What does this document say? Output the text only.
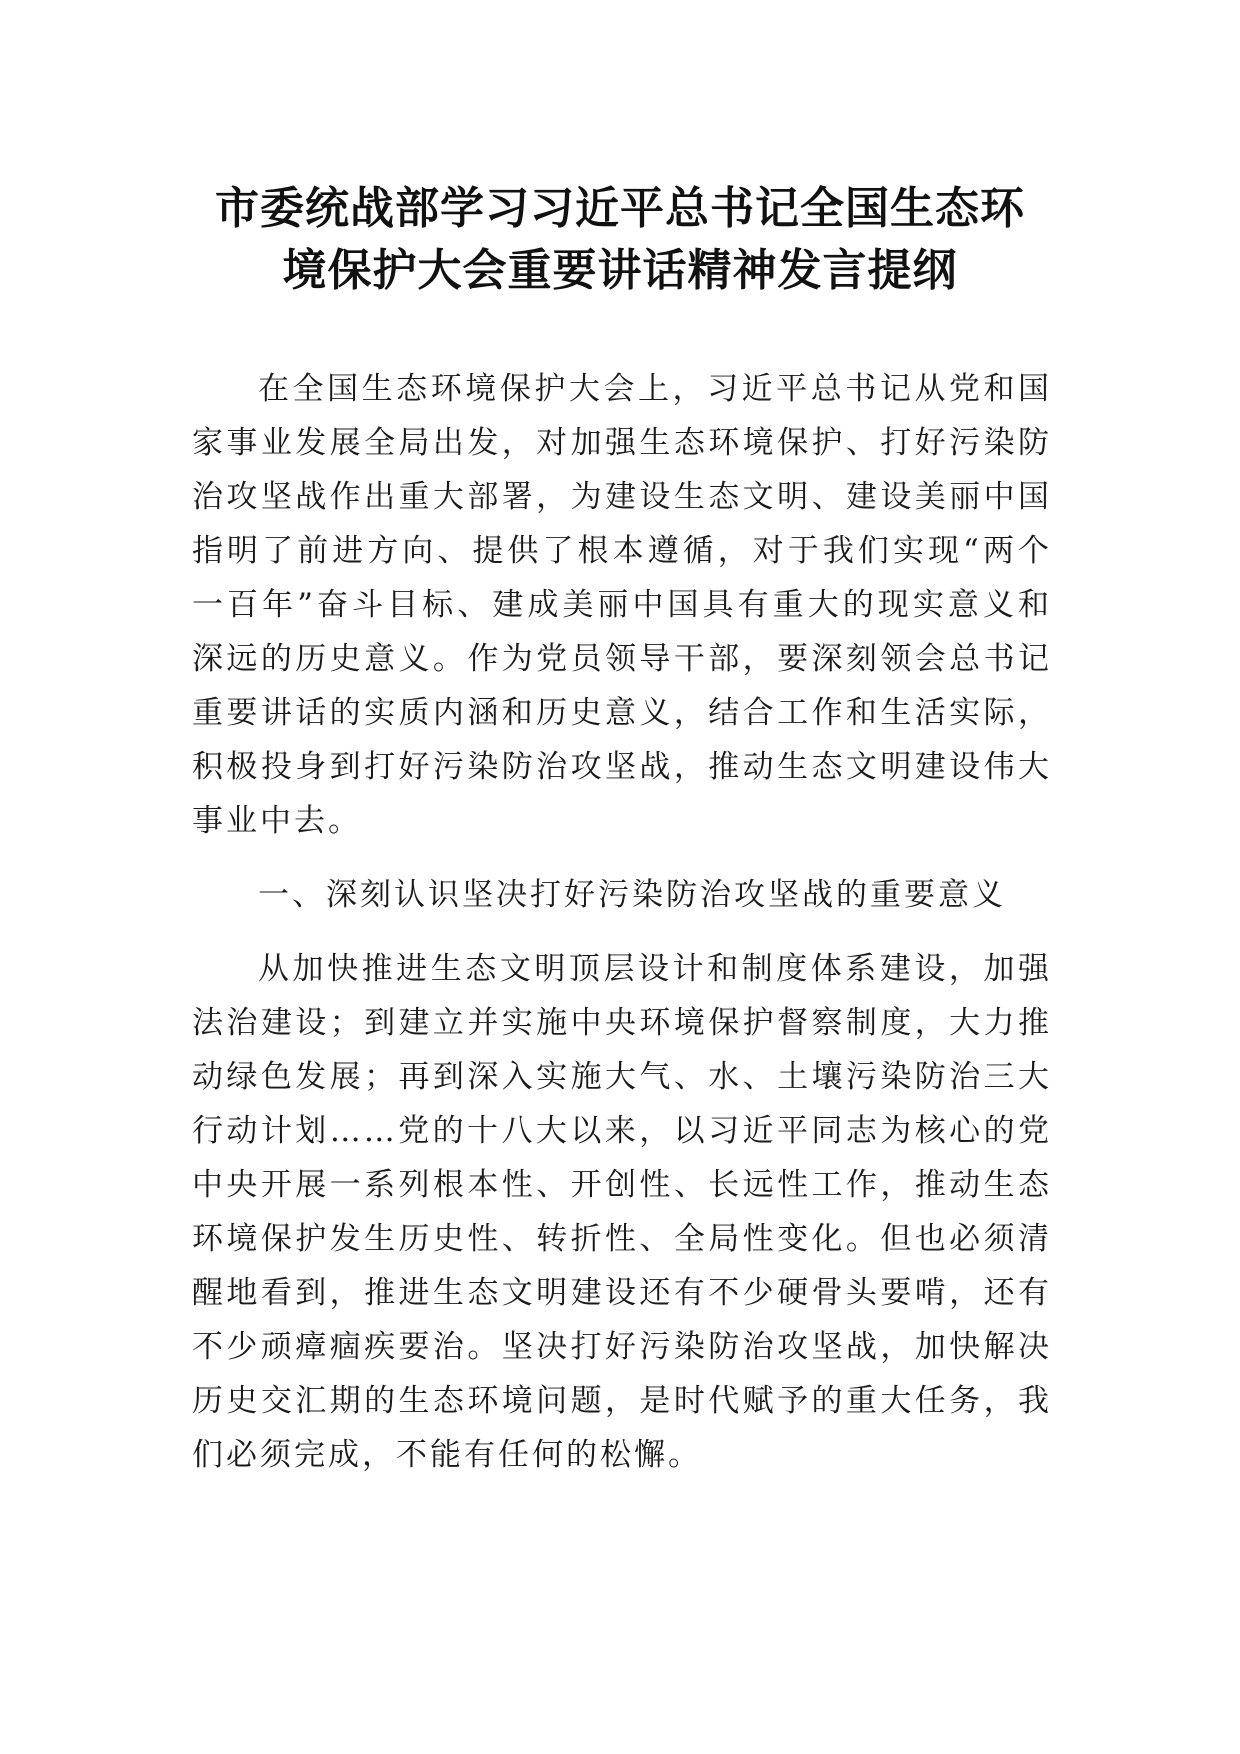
市委统战部学习习近平总书记全国生态环
境保护大会重要讲话精神发言提纲

在全国生态环境保护大会上，习近平总书记从党和国家事业发展全局出发，对加强生态环境保护、打好污染防治攻坚战作出重大部署，为建设生态文明、建设美丽中国指明了前进方向、提供了根本遵循，对于我们实现“两个一百年”奋斗目标、建成美丽中国具有重大的现实意义和深远的历史意义。作为党员领导干部，要深刻领会总书记重要讲话的实质内涵和历史意义，结合工作和生活实际，积极投身到打好污染防治攻坚战，推动生态文明建设伟大事业中去。

一、深刻认识坚决打好污染防治攻坚战的重要意义

从加快推进生态文明顶层设计和制度体系建设，加强法治建设；到建立并实施中央环境保护督察制度，大力推动绿色发展；再到深入实施大气、水、土壤污染防治三大行动计划……党的十八大以来，以习近平同志为核心的党中央开展一系列根本性、开创性、长远性工作，推动生态环境保护发生历史性、转折性、全局性变化。但也必须清醒地看到，推进生态文明建设还有不少硬骨头要啃，还有不少顽瘴痼疾要治。坚决打好污染防治攻坚战，加快解决历史交汇期的生态环境问题，是时代赋予的重大任务，我们必须完成，不能有任何的松懈。
